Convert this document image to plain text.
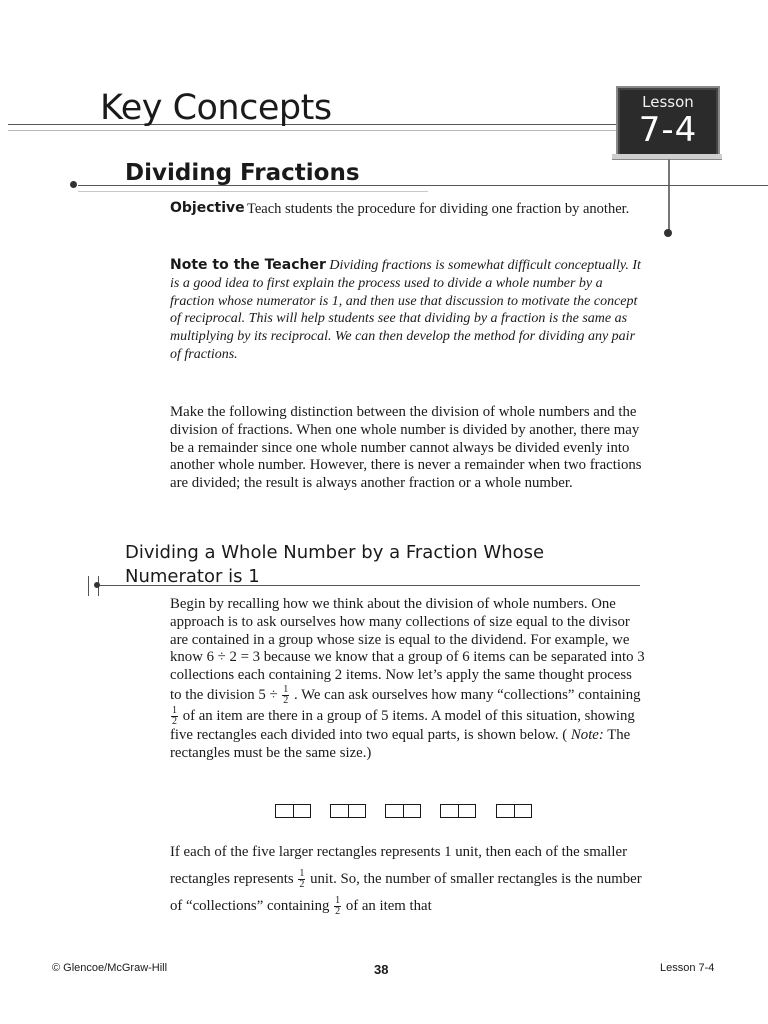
Key Concepts	Lesson
7-4
Dividing Fractions
Objective Teach students the procedure for dividing one fraction by another.
Note to the Teacher Dividing fractions is somewhat difficult conceptually. It is a good idea to first explain the process used to divide a whole number by a fraction whose numerator is 1, and then use that discussion to motivate the concept of reciprocal. This will help students see that dividing by a fraction is the same as multiplying by its reciprocal. We can then develop the method for dividing any pair of fractions.
Make the following distinction between the division of whole numbers and the division of fractions. When one whole number is divided by another, there may be a remainder since one whole number cannot always be divided evenly into another whole number. However, there is never a remainder when two fractions are divided; the result is always another fraction or a whole number.
Dividing a Whole Number by a Fraction Whose Numerator is 1
Begin by recalling how we think about the division of whole numbers. One approach is to ask ourselves how many collections of size equal to the divisor are contained in a group whose size is equal to the dividend. For example, we know 6 ÷ 2 = 3 because we know that a group of 6 items can be separated into 3 collections each containing 2 items. Now let’s apply the same thought process to the division $5 \div \frac{1}{2}$ . We can ask ourselves how many “collections” containing
$\frac{1}{2}$ of an item are there in a group of 5 items. A model of this situation, showing five rectangles each divided into two equal parts, is shown below. ( Note: The rectangles must be the same size.)
If each of the five larger rectangles represents 1 unit, then each of the smaller rectangles represents $\frac{1}{2}$ unit. So, the number of smaller rectangles is the number of “collections” containing $\frac{1}{2}$ of an item that
© Glencoe/McGraw-Hill	38	Lesson 7-4
